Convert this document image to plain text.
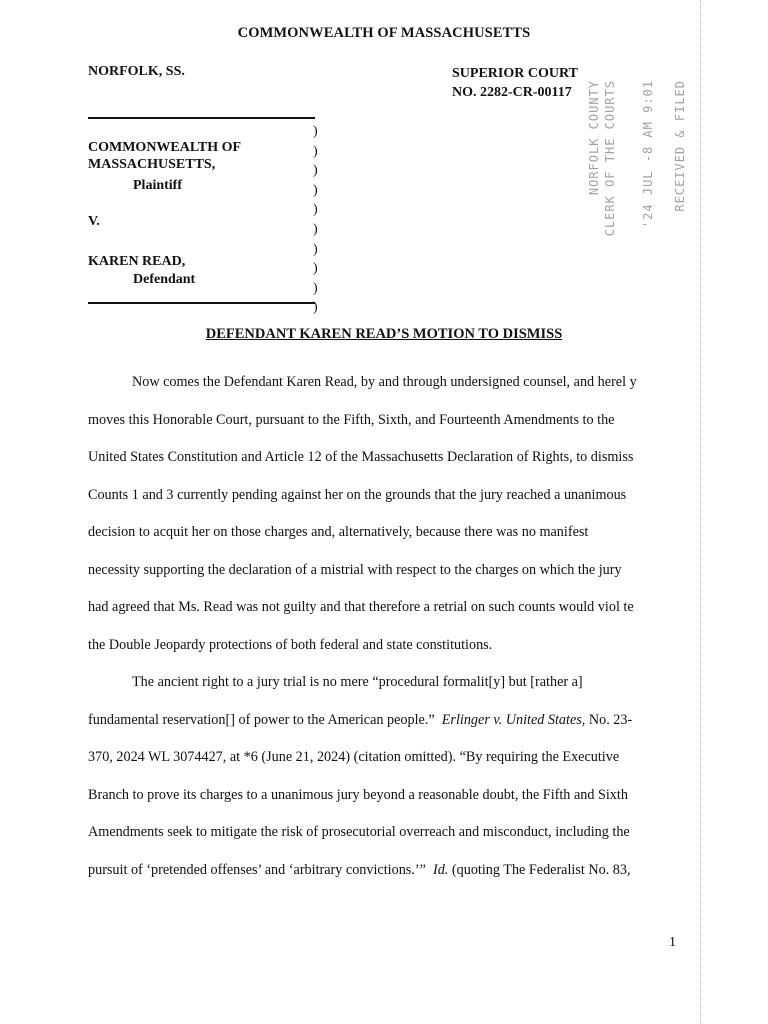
COMMONWEALTH OF MASSACHUSETTS
NORFOLK, SS.	SUPERIOR COURT
NO. 2282-CR-00117	RECEIVED & FILED
'24 JUL -8 AM 9:01
CLERK OF THE COURTS
NORFOLK COUNTY
COMMONWEALTH OF
MASSACHUSETTS,
Plaintiff
V.
KAREN READ,
Defendant
)
)
)
)
)
)
)
)
)
)
DEFENDANT KAREN READ’S MOTION TO DISMISS

Now comes the Defendant Karen Read, by and through undersigned counsel, and herel y
moves this Honorable Court, pursuant to the Fifth, Sixth, and Fourteenth Amendments to the
United States Constitution and Article 12 of the Massachusetts Declaration of Rights, to dismiss
Counts 1 and 3 currently pending against her on the grounds that the jury reached a unanimous
decision to acquit her on those charges and, alternatively, because there was no manifest
necessity supporting the declaration of a mistrial with respect to the charges on which the jury
had agreed that Ms. Read was not guilty and that therefore a retrial on such counts would viol te
the Double Jeopardy protections of both federal and state constitutions.

The ancient right to a jury trial is no mere “procedural formalit[y] but [rather a]
fundamental reservation[] of power to the American people.” Erlinger v. United States, No. 23-
370, 2024 WL 3074427, at *6 (June 21, 2024) (citation omitted). “By requiring the Executive
Branch to prove its charges to a unanimous jury beyond a reasonable doubt, the Fifth and Sixth
Amendments seek to mitigate the risk of prosecutorial overreach and misconduct, including the
pursuit of ‘pretended offenses’ and ‘arbitrary convictions.’” Id. (quoting The Federalist No. 83,

1
